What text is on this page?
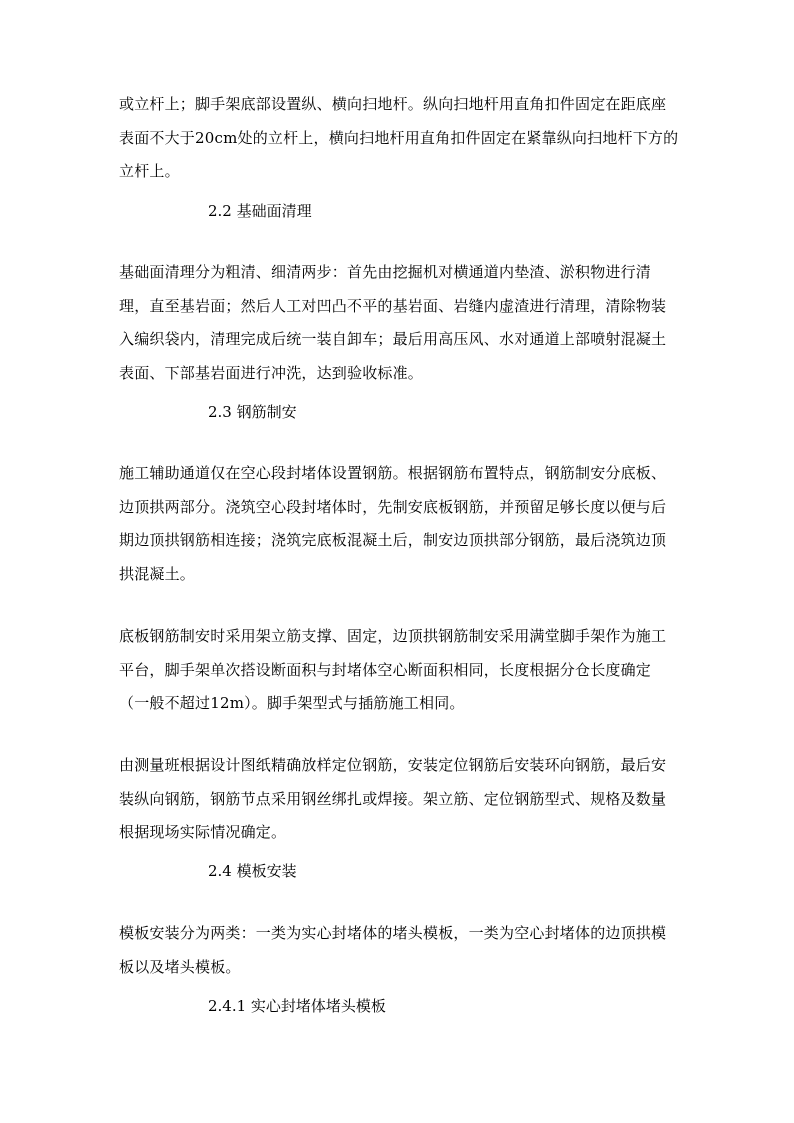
或立杆上；脚手架底部设置纵、横向扫地杆。纵向扫地杆用直角扣件固定在距底座表面不大于20cm处的立杆上，横向扫地杆用直角扣件固定在紧靠纵向扫地杆下方的立杆上。

2.2 基础面清理

基础面清理分为粗清、细清两步：首先由挖掘机对横通道内垫渣、淤积物进行清理，直至基岩面；然后人工对凹凸不平的基岩面、岩缝内虚渣进行清理，清除物装入编织袋内，清理完成后统一装自卸车；最后用高压风、水对通道上部喷射混凝土表面、下部基岩面进行冲洗，达到验收标准。

2.3 钢筋制安

施工辅助通道仅在空心段封堵体设置钢筋。根据钢筋布置特点，钢筋制安分底板、边顶拱两部分。浇筑空心段封堵体时，先制安底板钢筋，并预留足够长度以便与后期边顶拱钢筋相连接；浇筑完底板混凝土后，制安边顶拱部分钢筋，最后浇筑边顶拱混凝土。

底板钢筋制安时采用架立筋支撑、固定，边顶拱钢筋制安采用满堂脚手架作为施工平台，脚手架单次搭设断面积与封堵体空心断面积相同，长度根据分仓长度确定（一般不超过12m）。脚手架型式与插筋施工相同。

由测量班根据设计图纸精确放样定位钢筋，安装定位钢筋后安装环向钢筋，最后安装纵向钢筋，钢筋节点采用钢丝绑扎或焊接。架立筋、定位钢筋型式、规格及数量根据现场实际情况确定。

2.4 模板安装

模板安装分为两类：一类为实心封堵体的堵头模板，一类为空心封堵体的边顶拱模板以及堵头模板。

2.4.1 实心封堵体堵头模板
